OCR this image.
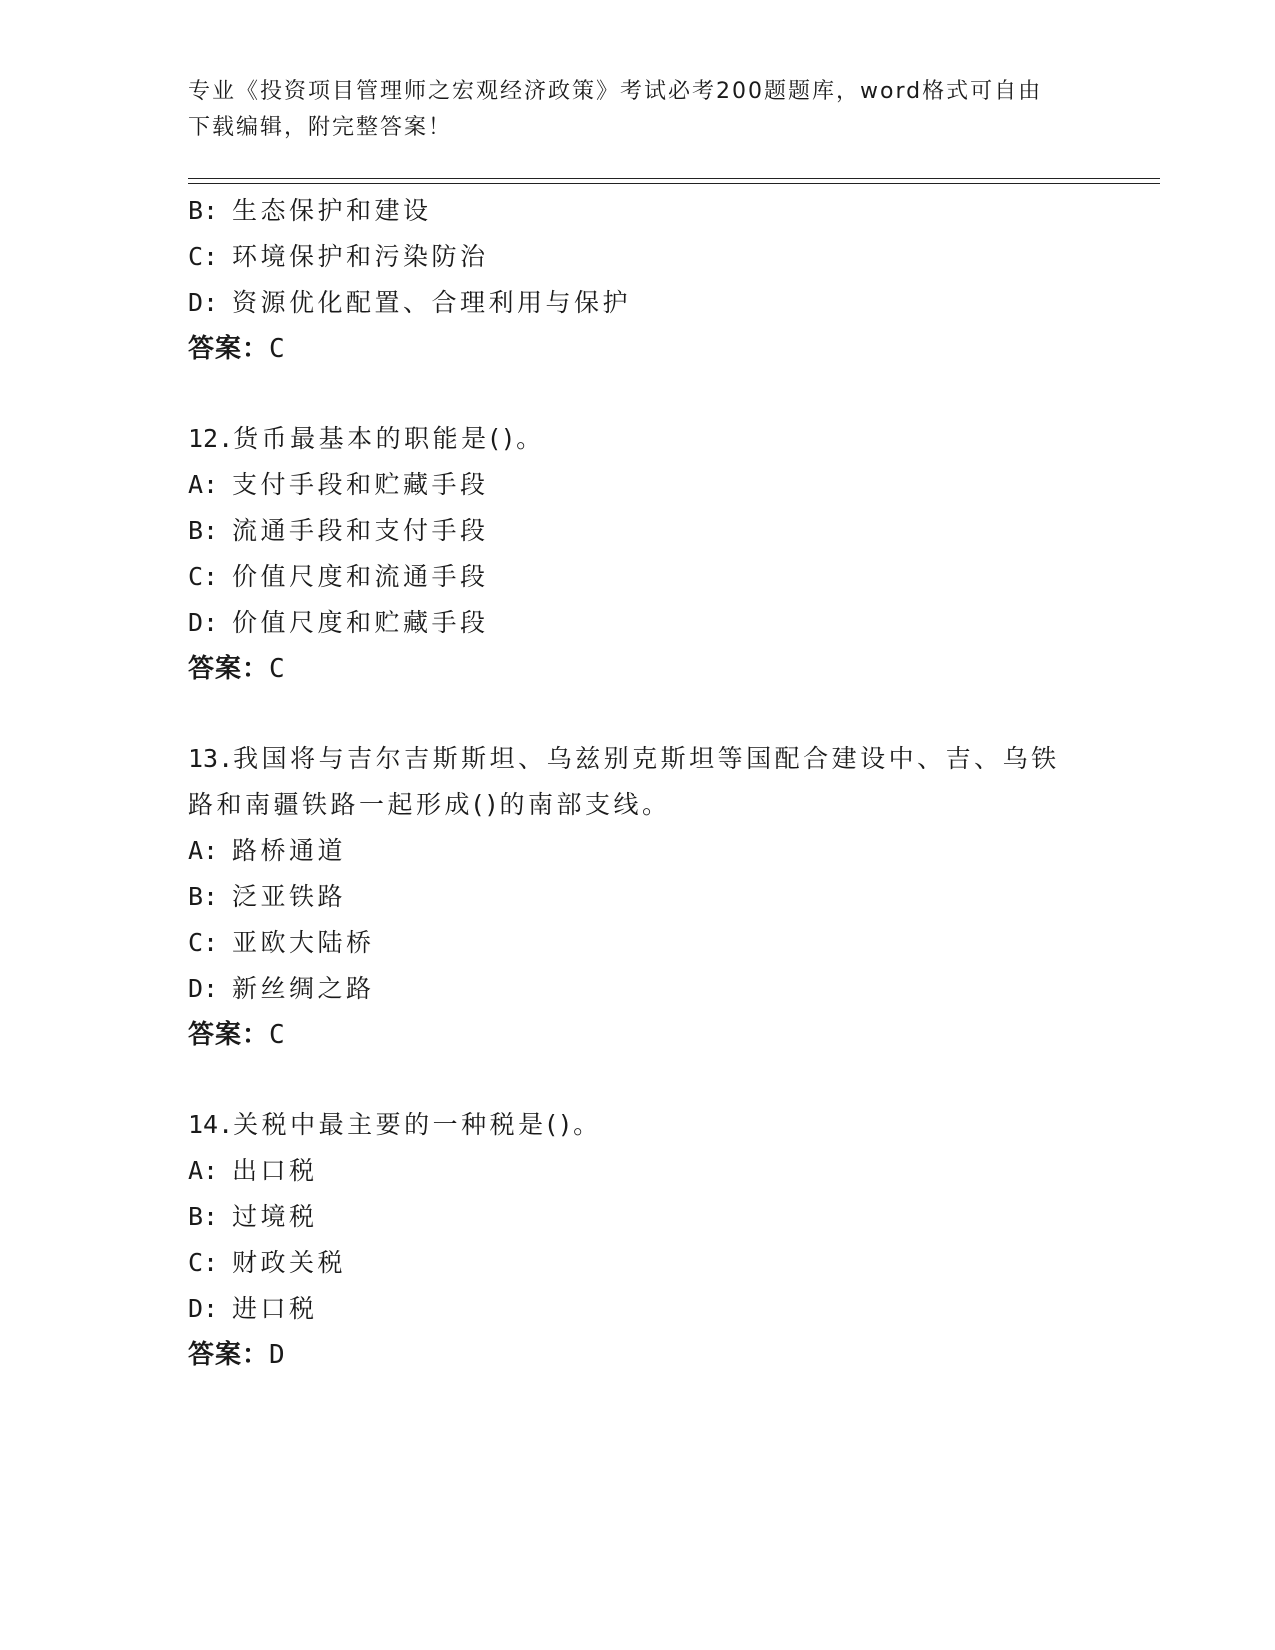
专业《投资项目管理师之宏观经济政策》考试必考200题题库，word格式可自由
下载编辑，附完整答案！
B: 生态保护和建设
C: 环境保护和污染防治
D: 资源优化配置、合理利用与保护
答案：C
12.货币最基本的职能是()。
A: 支付手段和贮藏手段
B: 流通手段和支付手段
C: 价值尺度和流通手段
D: 价值尺度和贮藏手段
答案：C
13.我国将与吉尔吉斯斯坦、乌兹别克斯坦等国配合建设中、吉、乌铁
路和南疆铁路一起形成()的南部支线。
A: 路桥通道
B: 泛亚铁路
C: 亚欧大陆桥
D: 新丝绸之路
答案：C
14.关税中最主要的一种税是()。
A: 出口税
B: 过境税
C: 财政关税
D: 进口税
答案：D
